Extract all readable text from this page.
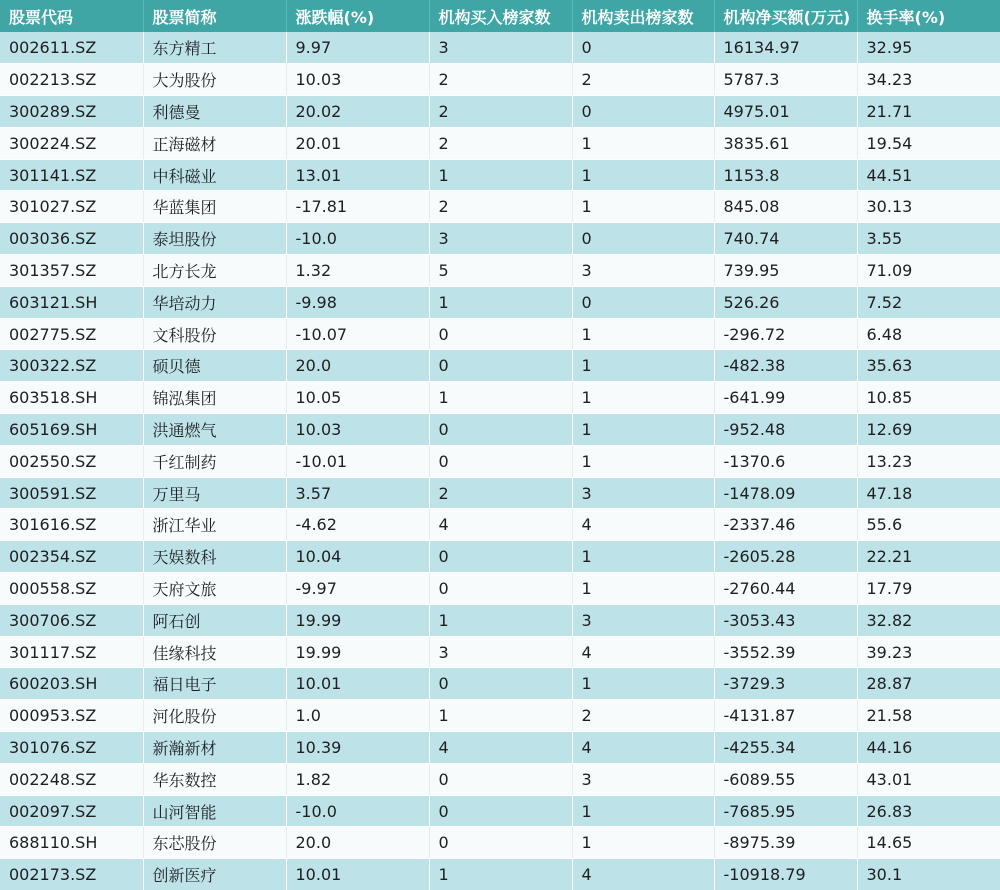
股票代码	股票简称	涨跌幅(%)	机构买入榜家数	机构卖出榜家数	机构净买额(万元)	换手率(%)
002611.SZ	东方精工	9.97	3	0	16134.97	32.95
002213.SZ	大为股份	10.03	2	2	5787.3	34.23
300289.SZ	利德曼	20.02	2	0	4975.01	21.71
300224.SZ	正海磁材	20.01	2	1	3835.61	19.54
301141.SZ	中科磁业	13.01	1	1	1153.8	44.51
301027.SZ	华蓝集团	-17.81	2	1	845.08	30.13
003036.SZ	泰坦股份	-10.0	3	0	740.74	3.55
301357.SZ	北方长龙	1.32	5	3	739.95	71.09
603121.SH	华培动力	-9.98	1	0	526.26	7.52
002775.SZ	文科股份	-10.07	0	1	-296.72	6.48
300322.SZ	硕贝德	20.0	0	1	-482.38	35.63
603518.SH	锦泓集团	10.05	1	1	-641.99	10.85
605169.SH	洪通燃气	10.03	0	1	-952.48	12.69
002550.SZ	千红制药	-10.01	0	1	-1370.6	13.23
300591.SZ	万里马	3.57	2	3	-1478.09	47.18
301616.SZ	浙江华业	-4.62	4	4	-2337.46	55.6
002354.SZ	天娱数科	10.04	0	1	-2605.28	22.21
000558.SZ	天府文旅	-9.97	0	1	-2760.44	17.79
300706.SZ	阿石创	19.99	1	3	-3053.43	32.82
301117.SZ	佳缘科技	19.99	3	4	-3552.39	39.23
600203.SH	福日电子	10.01	0	1	-3729.3	28.87
000953.SZ	河化股份	1.0	1	2	-4131.87	21.58
301076.SZ	新瀚新材	10.39	4	4	-4255.34	44.16
002248.SZ	华东数控	1.82	0	3	-6089.55	43.01
002097.SZ	山河智能	-10.0	0	1	-7685.95	26.83
688110.SH	东芯股份	20.0	0	1	-8975.39	14.65
002173.SZ	创新医疗	10.01	1	4	-10918.79	30.1
